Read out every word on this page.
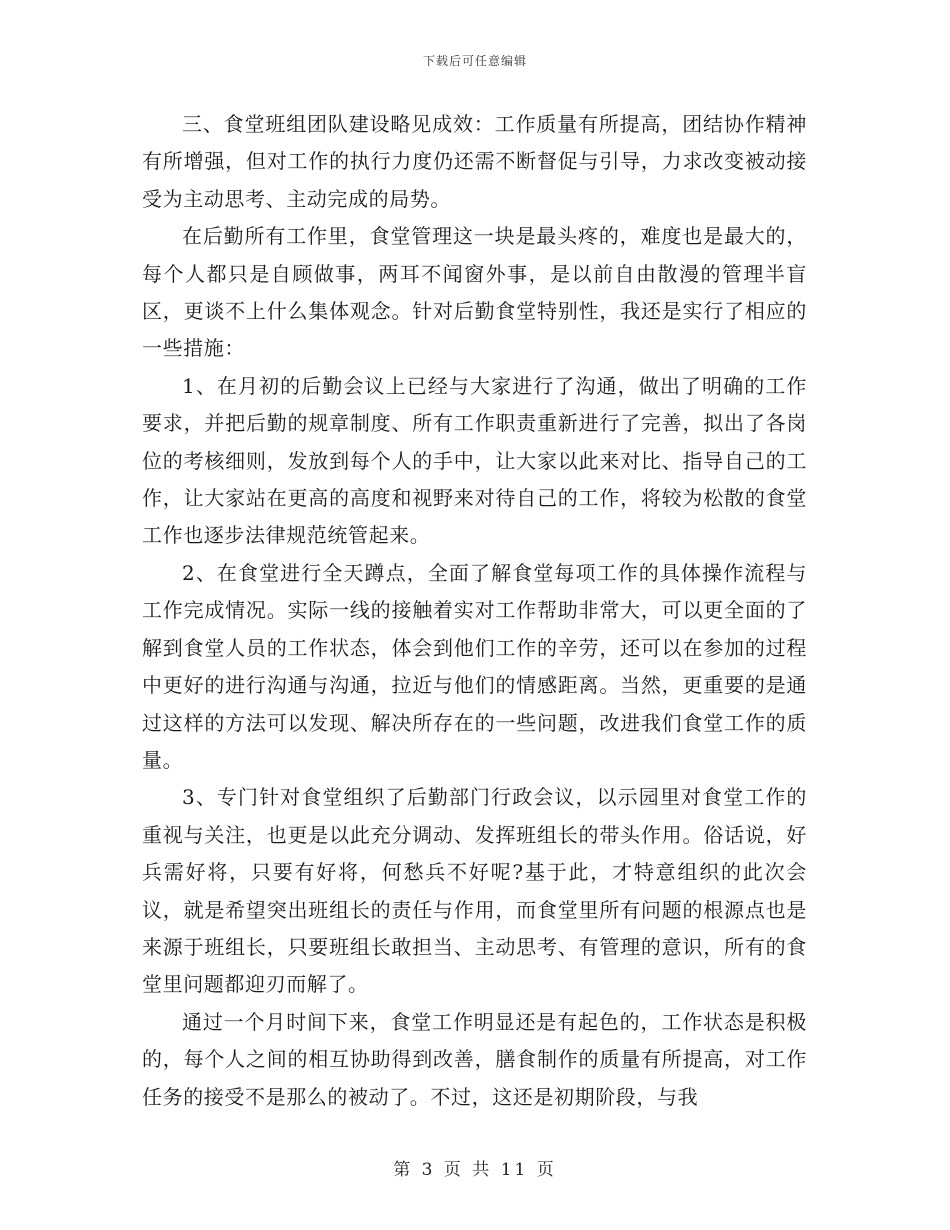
下载后可任意编辑

三、食堂班组团队建设略见成效：工作质量有所提高，团结协作精神有所增强，但对工作的执行力度仍还需不断督促与引导，力求改变被动接受为主动思考、主动完成的局势。

在后勤所有工作里，食堂管理这一块是最头疼的，难度也是最大的，每个人都只是自顾做事，两耳不闻窗外事，是以前自由散漫的管理半盲区，更谈不上什么集体观念。针对后勤食堂特别性，我还是实行了相应的一些措施：

1、在月初的后勤会议上已经与大家进行了沟通，做出了明确的工作要求，并把后勤的规章制度、所有工作职责重新进行了完善，拟出了各岗位的考核细则，发放到每个人的手中，让大家以此来对比、指导自己的工作，让大家站在更高的高度和视野来对待自己的工作，将较为松散的食堂工作也逐步法律规范统管起来。

2、在食堂进行全天蹲点，全面了解食堂每项工作的具体操作流程与工作完成情况。实际一线的接触着实对工作帮助非常大，可以更全面的了解到食堂人员的工作状态，体会到他们工作的辛劳，还可以在参加的过程中更好的进行沟通与沟通，拉近与他们的情感距离。当然，更重要的是通过这样的方法可以发现、解决所存在的一些问题，改进我们食堂工作的质量。

3、专门针对食堂组织了后勤部门行政会议，以示园里对食堂工作的重视与关注，也更是以此充分调动、发挥班组长的带头作用。俗话说，好兵需好将，只要有好将，何愁兵不好呢?基于此，才特意组织的此次会议，就是希望突出班组长的责任与作用，而食堂里所有问题的根源点也是来源于班组长，只要班组长敢担当、主动思考、有管理的意识，所有的食堂里问题都迎刃而解了。

通过一个月时间下来，食堂工作明显还是有起色的，工作状态是积极的，每个人之间的相互协助得到改善，膳食制作的质量有所提高，对工作任务的接受不是那么的被动了。不过，这还是初期阶段，与我

第 3 页 共 11 页
